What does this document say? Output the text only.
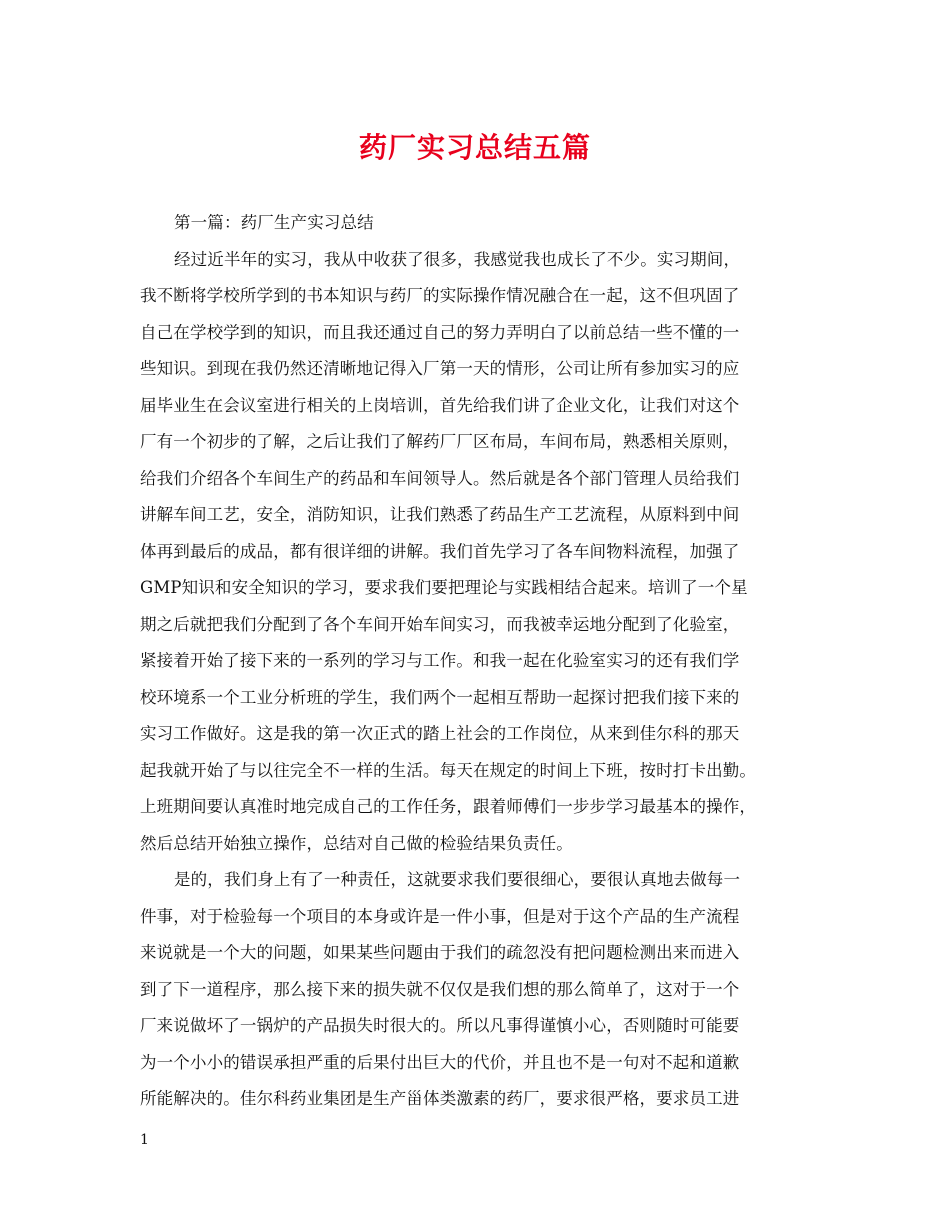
药厂实习总结五篇
第一篇：药厂生产实习总结
经过近半年的实习，我从中收获了很多，我感觉我也成长了不少。实习期间，
我不断将学校所学到的书本知识与药厂的实际操作情况融合在一起，这不但巩固了
自己在学校学到的知识，而且我还通过自己的努力弄明白了以前总结一些不懂的一
些知识。到现在我仍然还清晰地记得入厂第一天的情形，公司让所有参加实习的应
届毕业生在会议室进行相关的上岗培训，首先给我们讲了企业文化，让我们对这个
厂有一个初步的了解，之后让我们了解药厂厂区布局，车间布局，熟悉相关原则，
给我们介绍各个车间生产的药品和车间领导人。然后就是各个部门管理人员给我们
讲解车间工艺，安全，消防知识，让我们熟悉了药品生产工艺流程，从原料到中间
体再到最后的成品，都有很详细的讲解。我们首先学习了各车间物料流程，加强了
GMP知识和安全知识的学习，要求我们要把理论与实践相结合起来。培训了一个星
期之后就把我们分配到了各个车间开始车间实习，而我被幸运地分配到了化验室，
紧接着开始了接下来的一系列的学习与工作。和我一起在化验室实习的还有我们学
校环境系一个工业分析班的学生，我们两个一起相互帮助一起探讨把我们接下来的
实习工作做好。这是我的第一次正式的踏上社会的工作岗位，从来到佳尔科的那天
起我就开始了与以往完全不一样的生活。每天在规定的时间上下班，按时打卡出勤。
上班期间要认真准时地完成自己的工作任务，跟着师傅们一步步学习最基本的操作，
然后总结开始独立操作，总结对自己做的检验结果负责任。
是的，我们身上有了一种责任，这就要求我们要很细心，要很认真地去做每一
件事，对于检验每一个项目的本身或许是一件小事，但是对于这个产品的生产流程
来说就是一个大的问题，如果某些问题由于我们的疏忽没有把问题检测出来而进入
到了下一道程序，那么接下来的损失就不仅仅是我们想的那么简单了，这对于一个
厂来说做坏了一锅炉的产品损失时很大的。所以凡事得谨慎小心，否则随时可能要
为一个小小的错误承担严重的后果付出巨大的代价，并且也不是一句对不起和道歉
所能解决的。佳尔科药业集团是生产甾体类激素的药厂，要求很严格，要求员工进
1
